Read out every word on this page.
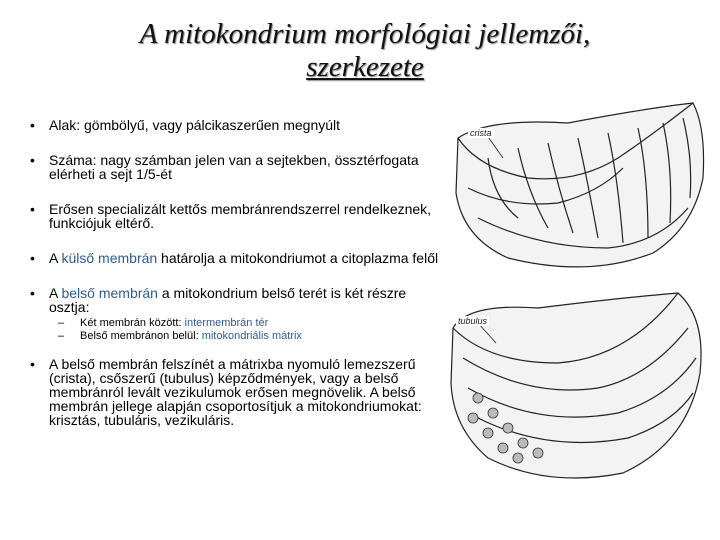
A mitokondrium morfológiai jellemzői,
szerkezete
• Alak: gömbölyű, vagy pálcikaszerűen megnyúlt
• Száma: nagy számban jelen van a sejtekben, össztérfogata elérheti a sejt 1/5-ét
• Erősen specializált kettős membránrendszerrel rendelkeznek, funkciójuk eltérő.
• A külső membrán határolja a mitokondriumot a citoplazma felől
• A belső membrán a mitokondrium belső terét is két részre osztja:
– Két membrán között: intermembrán tér
– Belső membránon belül: mitokondriális mátrix
• A belső membrán felszínét a mátrixba nyomuló lemezszerű (crista), csőszerű (tubulus) képződmények, vagy a belső membránról levált vezikulumok erősen megnövelik. A belső membrán jellege alapján csoportosítjuk a mitokondriumokat: krisztás, tubuláris, vezikuláris.
crista
tubulus
